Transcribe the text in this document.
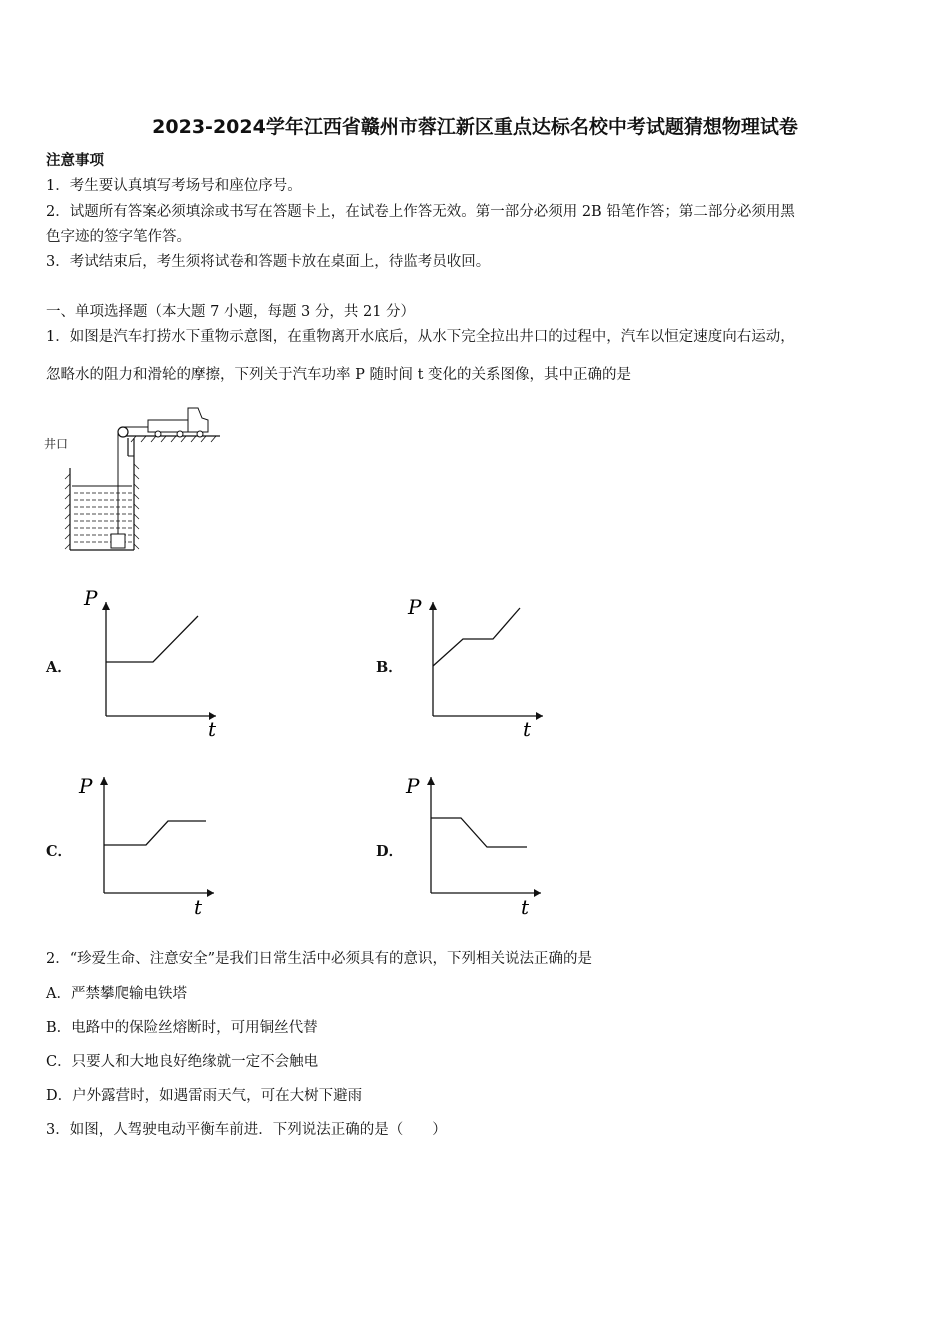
2023-2024学年江西省赣州市蓉江新区重点达标名校中考试题猜想物理试卷
注意事项
1．考生要认真填写考场号和座位序号。
2．试题所有答案必须填涂或书写在答题卡上，在试卷上作答无效。第一部分必须用 2B 铅笔作答；第二部分必须用黑
色字迹的签字笔作答。
3．考试结束后，考生须将试卷和答题卡放在桌面上，待监考员收回。
一、单项选择题（本大题 7 小题，每题 3 分，共 21 分）
1．如图是汽车打捞水下重物示意图，在重物离开水底后，从水下完全拉出井口的过程中，汽车以恒定速度向右运动，
忽略水的阻力和滑轮的摩擦，下列关于汽车功率 P 随时间 t 变化的关系图像，其中正确的是
井口
A．
P
t
B．
P
t
C．
P
t
D．
P
t
2．“珍爱生命、注意安全”是我们日常生活中必须具有的意识，下列相关说法正确的是
A．严禁攀爬输电铁塔
B．电路中的保险丝熔断时，可用铜丝代替
C．只要人和大地良好绝缘就一定不会触电
D．户外露营时，如遇雷雨天气，可在大树下避雨
3．如图，人驾驶电动平衡车前进．下列说法正确的是（　　）
